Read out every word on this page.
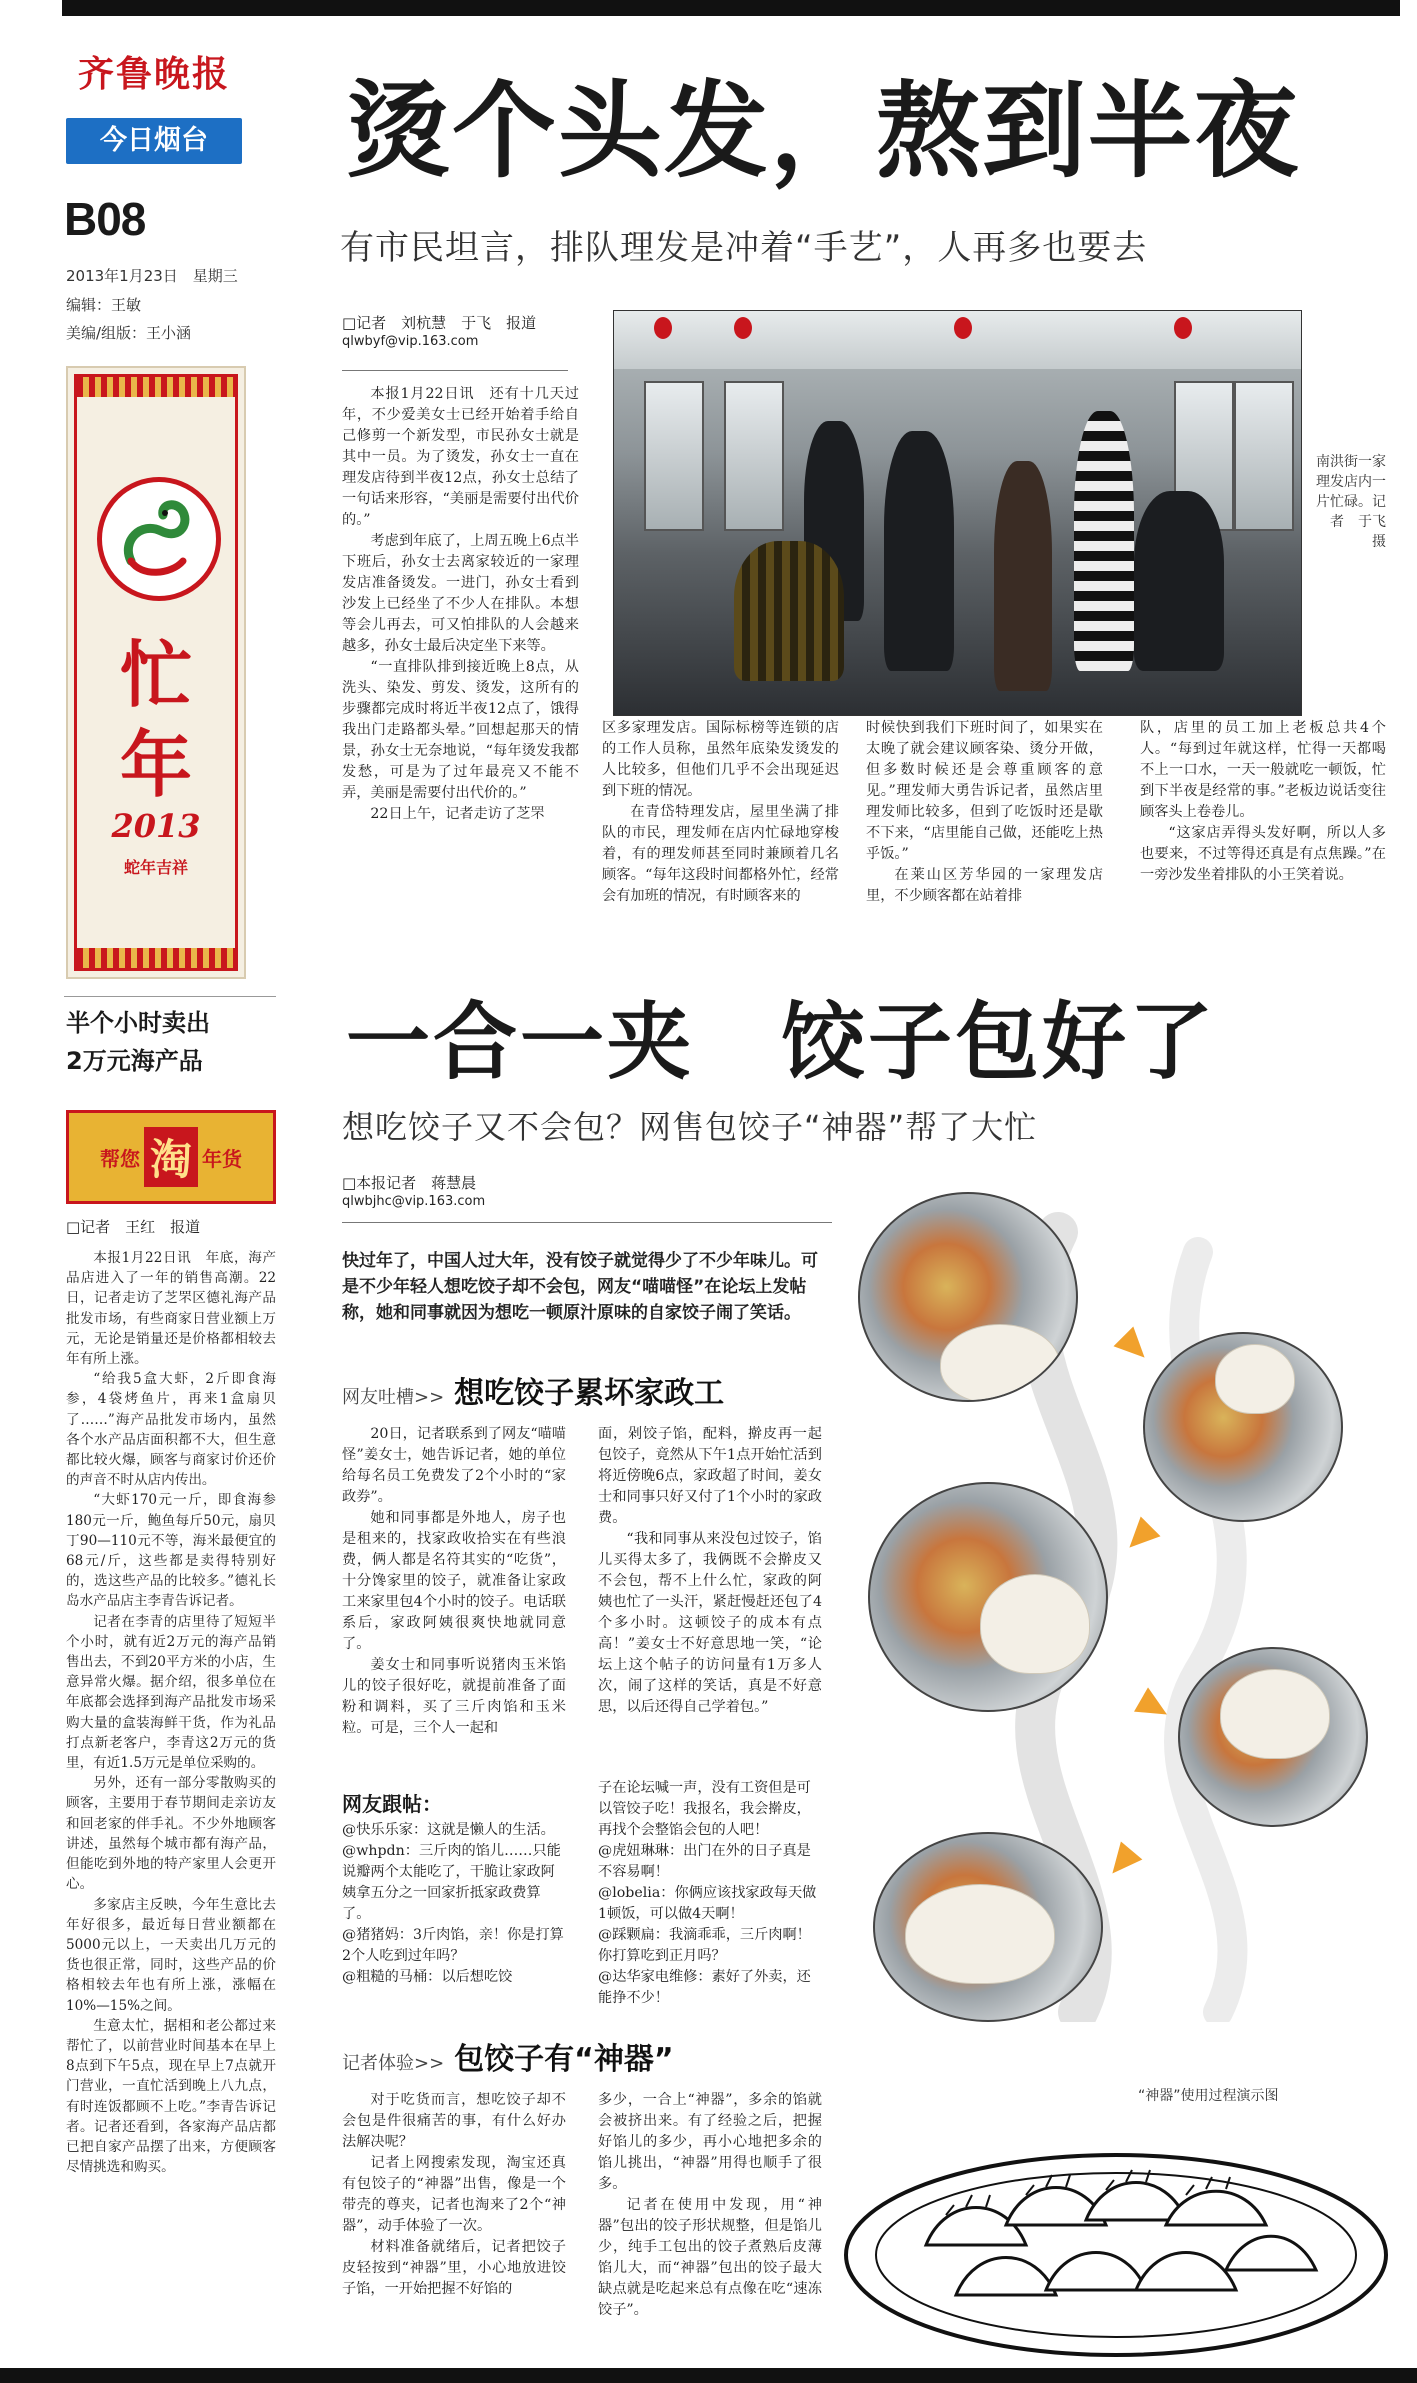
齐鲁晚报
今日烟台
B08
2013年1月23日　星期三
编辑：王敏
美编/组版：王小涵
忙
年
2013
蛇年吉祥
半个小时卖出
2万元海产品
帮您 淘 年货
□记者　王红　报道

本报1月22日讯　年底，海产品店进入了一年的销售高潮。22日，记者走访了芝罘区德礼海产品批发市场，有些商家日营业额上万元，无论是销量还是价格都相较去年有所上涨。

“给我5盒大虾，2斤即食海参，4袋烤鱼片，再来1盒扇贝了……”海产品批发市场内，虽然各个水产品店面积都不大，但生意都比较火爆，顾客与商家讨价还价的声音不时从店内传出。

“大虾170元一斤，即食海参180元一斤，鲍鱼每斤50元，扇贝丁90—110元不等，海米最便宜的68元/斤，这些都是卖得特别好的，选这些产品的比较多。”德礼长岛水产品店主李青告诉记者。

记者在李青的店里待了短短半个小时，就有近2万元的海产品销售出去，不到20平方米的小店，生意异常火爆。据介绍，很多单位在年底都会选择到海产品批发市场采购大量的盒装海鲜干货，作为礼品打点新老客户，李青这2万元的货里，有近1.5万元是单位采购的。

另外，还有一部分零散购买的顾客，主要用于春节期间走亲访友和回老家的伴手礼。不少外地顾客讲述，虽然每个城市都有海产品，但能吃到外地的特产家里人会更开心。

多家店主反映，今年生意比去年好很多，最近每日营业额都在5000元以上，一天卖出几万元的货也很正常，同时，这些产品的价格相较去年也有所上涨，涨幅在10%—15%之间。

生意太忙，据相和老公都过来帮忙了，以前营业时间基本在早上8点到下午5点，现在早上7点就开门营业，一直忙活到晚上八九点，有时连饭都顾不上吃。”李青告诉记者。记者还看到，各家海产品店都已把自家产品摆了出来，方便顾客尽情挑选和购买。

烫个头发，熬到半夜
有市民坦言，排队理发是冲着“手艺”，人再多也要去
□记者　刘杭慧　于飞　报道
qlwbyf@vip.163.com

本报1月22日讯　还有十几天过年，不少爱美女士已经开始着手给自己修剪一个新发型，市民孙女士就是其中一员。为了烫发，孙女士一直在理发店待到半夜12点，孙女士总结了一句话来形容，“美丽是需要付出代价的。”

考虑到年底了，上周五晚上6点半下班后，孙女士去离家较近的一家理发店准备烫发。一进门，孙女士看到沙发上已经坐了不少人在排队。本想等会儿再去，可又怕排队的人会越来越多，孙女士最后决定坐下来等。

“一直排队排到接近晚上8点，从洗头、染发、剪发、烫发，这所有的步骤都完成时将近半夜12点了，饿得我出门走路都头晕。”回想起那天的情景，孙女士无奈地说，“每年烫发我都发愁，可是为了过年最亮又不能不弄，美丽是需要付出代价的。”

22日上午，记者走访了芝罘

南洪街一家理发店内一片忙碌。记者　于飞　摄

区多家理发店。国际标榜等连锁的店的工作人员称，虽然年底染发烫发的人比较多，但他们几乎不会出现延迟到下班的情况。

在青岱特理发店，屋里坐满了排队的市民，理发师在店内忙碌地穿梭着，有的理发师甚至同时兼顾着几名顾客。“每年这段时间都格外忙，经常会有加班的情况，有时顾客来的

时候快到我们下班时间了，如果实在太晚了就会建议顾客染、烫分开做，但多数时候还是会尊重顾客的意见。”理发师大勇告诉记者，虽然店里理发师比较多，但到了吃饭时还是歇不下来，“店里能自己做，还能吃上热乎饭。”

在莱山区芳华园的一家理发店里，不少顾客都在站着排

队，店里的员工加上老板总共4个人。“每到过年就这样，忙得一天都喝不上一口水，一天一般就吃一顿饭，忙到下半夜是经常的事。”老板边说话变往顾客头上卷卷儿。

“这家店弄得头发好啊，所以人多也要来，不过等得还真是有点焦躁。”在一旁沙发坐着排队的小王笑着说。

一合一夹　饺子包好了
想吃饺子又不会包？网售包饺子“神器”帮了大忙
□本报记者　蒋慧晨
qlwbjhc@vip.163.com
快过年了，中国人过大年，没有饺子就觉得少了不少年味儿。可是不少年轻人想吃饺子却不会包，网友“喵喵怪”在论坛上发帖称，她和同事就因为想吃一顿原汁原味的自家饺子闹了笑话。
网友吐槽>> 想吃饺子累坏家政工

20日，记者联系到了网友“喵喵怪”姜女士，她告诉记者，她的单位给每名员工免费发了2个小时的“家政券”。

她和同事都是外地人，房子也是租来的，找家政收拾实在有些浪费，俩人都是名符其实的“吃货”，十分馋家里的饺子，就准备让家政工来家里包4个小时的饺子。电话联系后，家政阿姨很爽快地就同意了。

姜女士和同事听说猪肉玉米馅儿的饺子很好吃，就提前准备了面粉和调料，买了三斤肉馅和玉米粒。可是，三个人一起和

面，剁饺子馅，配料，擀皮再一起包饺子，竟然从下午1点开始忙活到将近傍晚6点，家政超了时间，姜女士和同事只好又付了1个小时的家政费。

“我和同事从来没包过饺子，馅儿买得太多了，我俩既不会擀皮又不会包，帮不上什么忙，家政的阿姨也忙了一头汗，紧赶慢赶还包了4个多小时。这顿饺子的成本有点高！”姜女士不好意思地一笑，“论坛上这个帖子的访问量有1万多人次，闹了这样的笑话，真是不好意思，以后还得自己学着包。”

网友跟帖：

@快乐乐家：这就是懒人的生活。

@whpdn：三斤肉的馅儿……只能说瓣两个太能吃了，干脆让家政阿姨拿五分之一回家折抵家政费算了。

@猪猪妈：3斤肉馅，亲！你是打算2个人吃到过年吗？

@粗糙的马桶：以后想吃饺

子在论坛喊一声，没有工资但是可以管饺子吃！我报名，我会擀皮，再找个会整馅会包的人吧！

@虎妞琳琳：出门在外的日子真是不容易啊！

@lobelia：你俩应该找家政每天做1顿饭，可以做4天啊！

@踩颗扁：我滴乖乖，三斤肉啊！你打算吃到正月吗？

@达华家电维修：素好了外卖，还能挣不少！

记者体验>> 包饺子有“神器”

对于吃货而言，想吃饺子却不会包是件很痛苦的事，有什么好办法解决呢？

记者上网搜索发现，淘宝还真有包饺子的“神器”出售，像是一个带壳的尊夹，记者也淘来了2个“神器”，动手体验了一次。

材料准备就绪后，记者把饺子皮轻按到“神器”里，小心地放进饺子馅，一开始把握不好馅的

多少，一合上“神器”，多余的馅就会被挤出来。有了经验之后，把握好馅儿的多少，再小心地把多余的馅儿挑出，“神器”用得也顺手了很多。

记者在使用中发现，用“神器”包出的饺子形状规整，但是馅儿少，纯手工包出的饺子煮熟后皮薄馅儿大，而“神器”包出的饺子最大缺点就是吃起来总有点像在吃“速冻饺子”。

“神器”使用过程演示图
